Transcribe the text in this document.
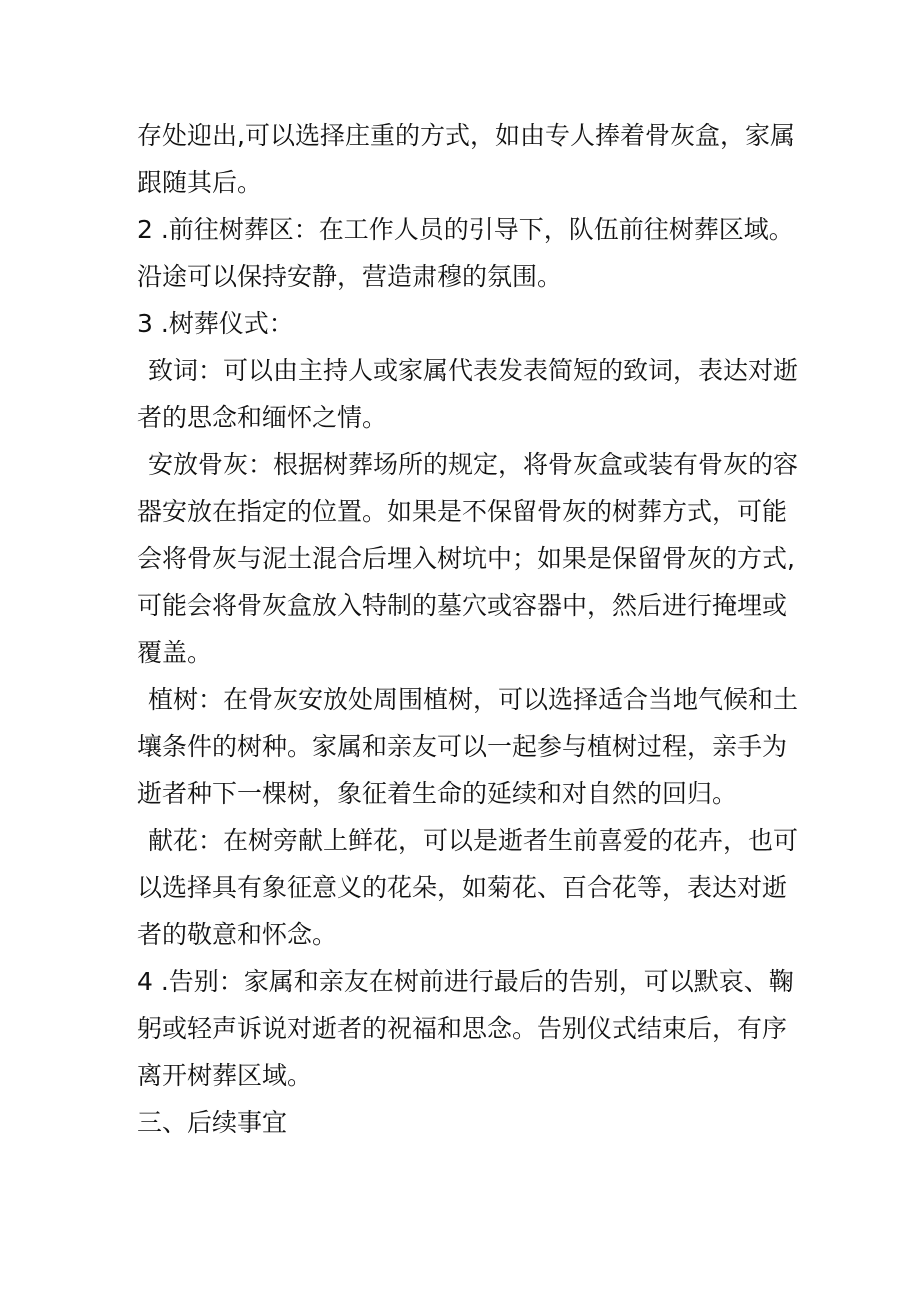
存处迎出,可以选择庄重的方式，如由专人捧着骨灰盒，家属
跟随其后。
2 .前往树葬区：在工作人员的引导下，队伍前往树葬区域。
沿途可以保持安静，营造肃穆的氛围。
3 .树葬仪式：
致词：可以由主持人或家属代表发表简短的致词，表达对逝
者的思念和缅怀之情。
安放骨灰：根据树葬场所的规定，将骨灰盒或装有骨灰的容
器安放在指定的位置。如果是不保留骨灰的树葬方式，可能
会将骨灰与泥土混合后埋入树坑中；如果是保留骨灰的方式,
可能会将骨灰盒放入特制的墓穴或容器中，然后进行掩埋或
覆盖。
植树：在骨灰安放处周围植树，可以选择适合当地气候和土
壤条件的树种。家属和亲友可以一起参与植树过程，亲手为
逝者种下一棵树，象征着生命的延续和对自然的回归。
献花：在树旁献上鲜花，可以是逝者生前喜爱的花卉，也可
以选择具有象征意义的花朵，如菊花、百合花等，表达对逝
者的敬意和怀念。
4 .告别：家属和亲友在树前进行最后的告别，可以默哀、鞠
躬或轻声诉说对逝者的祝福和思念。告别仪式结束后，有序
离开树葬区域。
三、后续事宜
